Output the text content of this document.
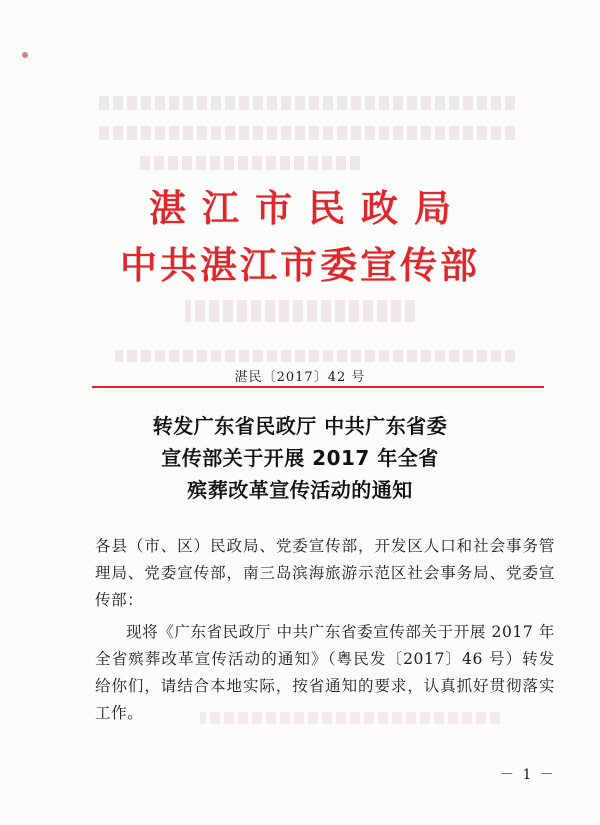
湛江市民政局
中共湛江市委宣传部
湛民〔2017〕42 号
转发广东省民政厅 中共广东省委
宣传部关于开展 2017 年全省
殡葬改革宣传活动的通知
各县（市、区）民政局、党委宣传部，开发区人口和社会事务管理局、党委宣传部，南三岛滨海旅游示范区社会事务局、党委宣传部：
现将《广东省民政厅 中共广东省委宣传部关于开展 2017 年全省殡葬改革宣传活动的通知》（粤民发〔2017〕46 号）转发给你们，请结合本地实际，按省通知的要求，认真抓好贯彻落实工作。
－ 1 －
